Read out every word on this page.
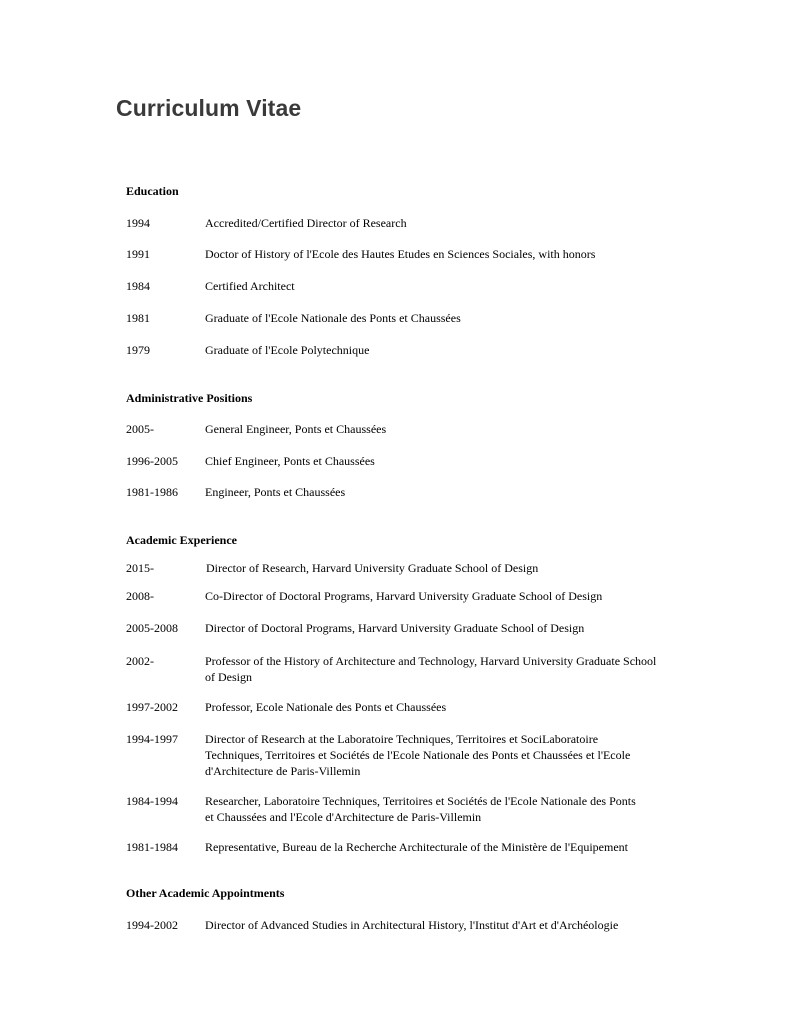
Curriculum Vitae
Education
1994	Accredited/Certified Director of Research
1991	Doctor of History of l'Ecole des Hautes Etudes en Sciences Sociales, with honors
1984	Certified Architect
1981	Graduate of l'Ecole Nationale des Ponts et Chaussées
1979	Graduate of l'Ecole Polytechnique
Administrative Positions
2005-	General Engineer, Ponts et Chaussées
1996-2005	Chief Engineer, Ponts et Chaussées
1981-1986	Engineer, Ponts et Chaussées
Academic Experience
2015-	Director of Research, Harvard University Graduate School of Design
2008-	Co-Director of Doctoral Programs, Harvard University Graduate School of Design
2005-2008	Director of Doctoral Programs, Harvard University Graduate School of Design
2002-	Professor of the History of Architecture and Technology, Harvard University Graduate School of Design
1997-2002	Professor, Ecole Nationale des Ponts et Chaussées
1994-1997	Director of Research at the Laboratoire Techniques, Territoires et SociLaboratoire Techniques, Territoires et Sociétés de l'Ecole Nationale des Ponts et Chaussées et l'Ecole d'Architecture de Paris-Villemin
1984-1994	Researcher, Laboratoire Techniques, Territoires et Sociétés de l'Ecole Nationale des Ponts et Chaussées and l'Ecole d'Architecture de Paris-Villemin
1981-1984	Representative, Bureau de la Recherche Architecturale of the Ministère de l'Equipement
Other Academic Appointments
1994-2002	Director of Advanced Studies in Architectural History, l'Institut d'Art et d'Archéologie
